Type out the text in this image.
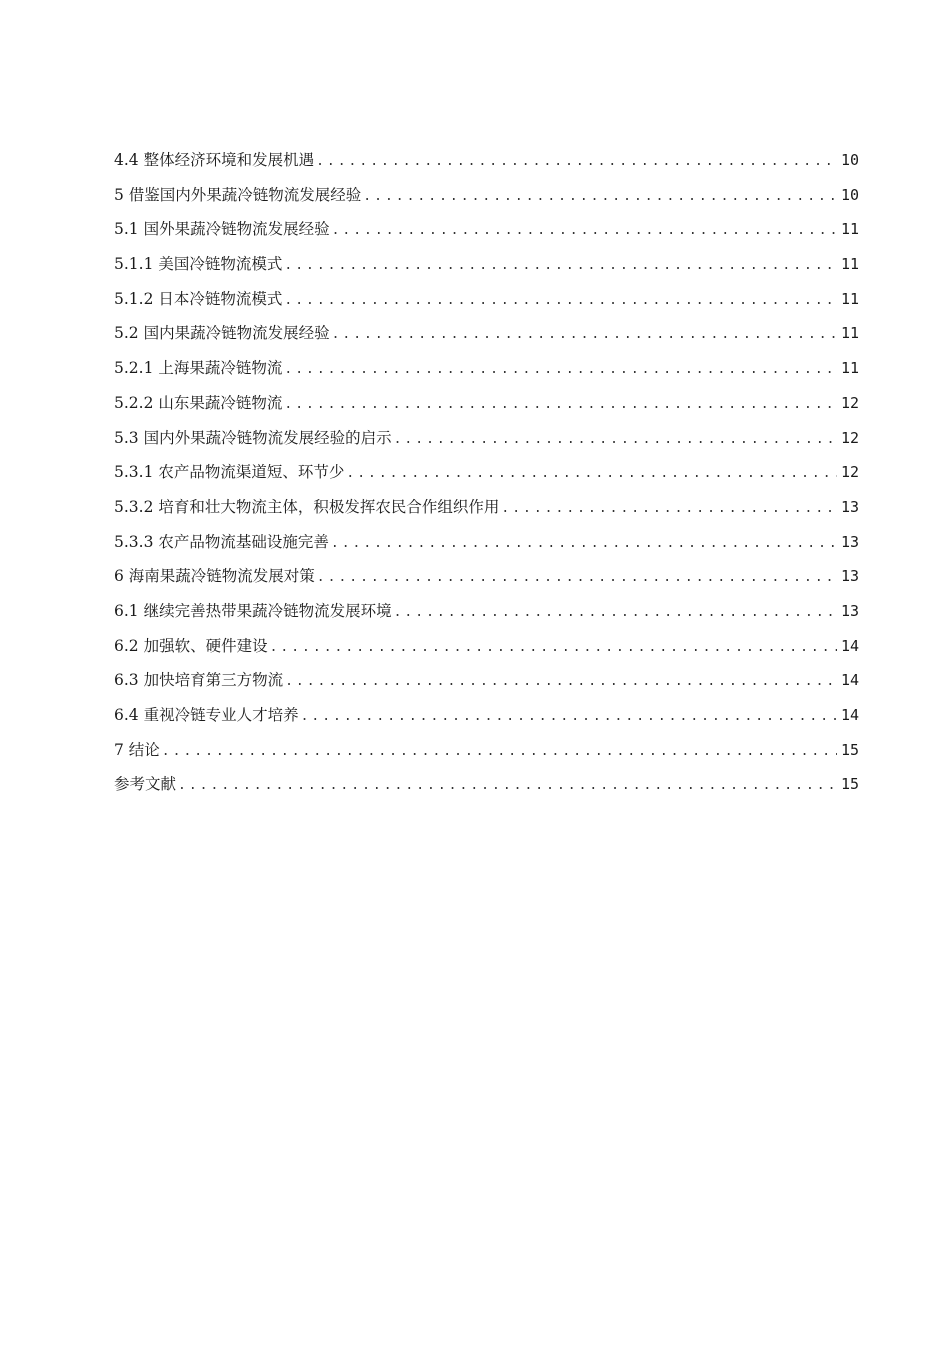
4.4 整体经济环境和发展机遇 .....	10
5 借鉴国内外果蔬冷链物流发展经验 .....	10
5.1 国外果蔬冷链物流发展经验 .....	11
5.1.1 美国冷链物流模式 .....	11
5.1.2 日本冷链物流模式 .....	11
5.2 国内果蔬冷链物流发展经验 .....	11
5.2.1 上海果蔬冷链物流 .....	11
5.2.2 山东果蔬冷链物流 .....	12
5.3 国内外果蔬冷链物流发展经验的启示 .....	12
5.3.1 农产品物流渠道短、环节少 .....	12
5.3.2 培育和壮大物流主体，积极发挥农民合作组织作用 .....	13
5.3.3 农产品物流基础设施完善 .....	13
6 海南果蔬冷链物流发展对策 .....	13
6.1 继续完善热带果蔬冷链物流发展环境 .....	13
6.2 加强软、硬件建设 .....	14
6.3 加快培育第三方物流 .....	14
6.4 重视冷链专业人才培养 .....	14
7 结论 .....	15
参考文献 .....	15
